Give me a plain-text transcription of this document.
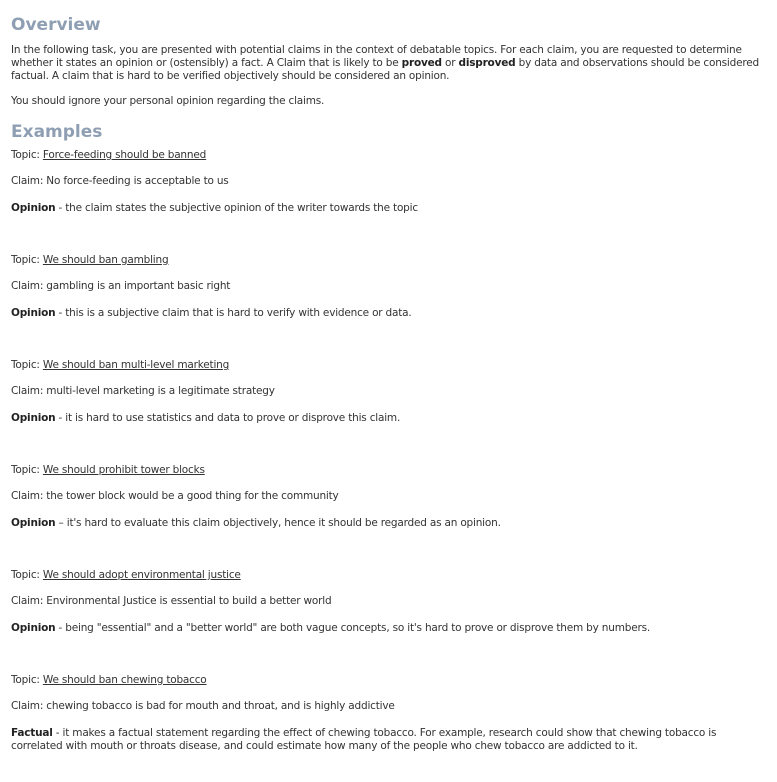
Overview

In the following task, you are presented with potential claims in the context of debatable topics. For each claim, you are requested to determine whether it states an opinion or (ostensibly) a fact. A Claim that is likely to be proved or disproved by data and observations should be considered factual. A claim that is hard to be verified objectively should be considered an opinion.

You should ignore your personal opinion regarding the claims.

Examples

Topic: Force-feeding should be banned

Claim: No force-feeding is acceptable to us

Opinion - the claim states the subjective opinion of the writer towards the topic

Topic: We should ban gambling

Claim: gambling is an important basic right

Opinion - this is a subjective claim that is hard to verify with evidence or data.

Topic: We should ban multi-level marketing

Claim: multi-level marketing is a legitimate strategy

Opinion - it is hard to use statistics and data to prove or disprove this claim.

Topic: We should prohibit tower blocks

Claim: the tower block would be a good thing for the community

Opinion – it's hard to evaluate this claim objectively, hence it should be regarded as an opinion.

Topic: We should adopt environmental justice

Claim: Environmental Justice is essential to build a better world

Opinion - being "essential" and a "better world" are both vague concepts, so it's hard to prove or disprove them by numbers.

Topic: We should ban chewing tobacco

Claim: chewing tobacco is bad for mouth and throat, and is highly addictive

Factual - it makes a factual statement regarding the effect of chewing tobacco. For example, research could show that chewing tobacco is correlated with mouth or throats disease, and could estimate how many of the people who chew tobacco are addicted to it.
